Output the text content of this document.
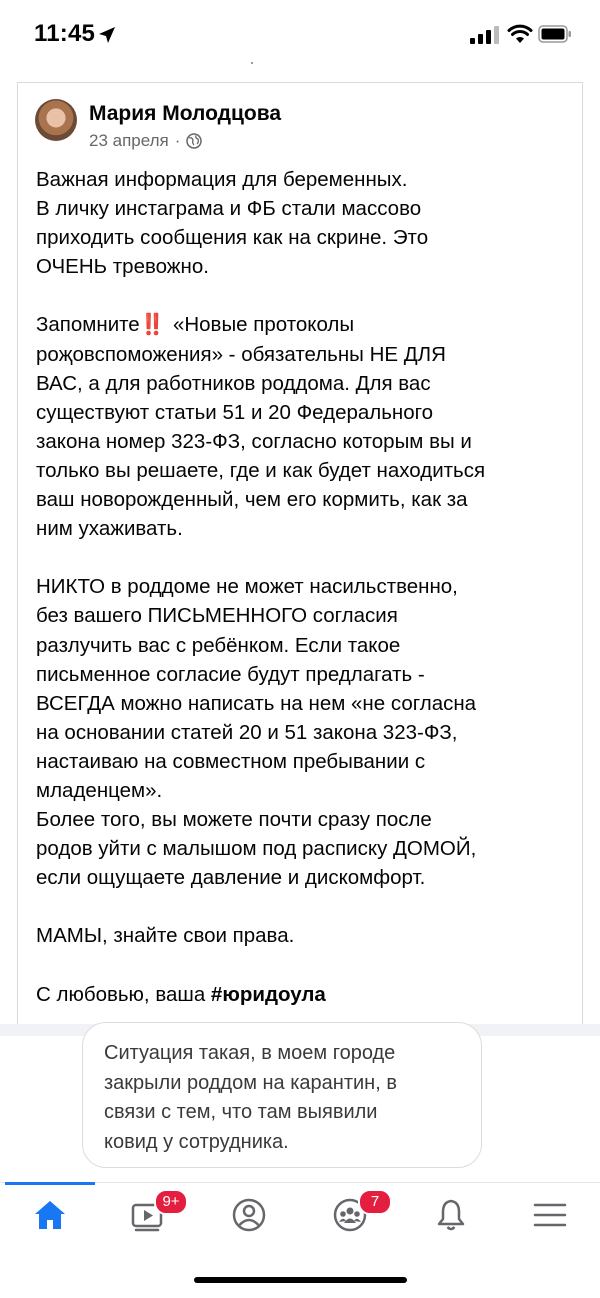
11:45
Мария Молодцова
23 апреля ·

Важная информация для беременных.

В личку инстаграма и ФБ стали массово

приходить сообщения как на скрине. Это

ОЧЕНЬ тревожно.

Запомните‼️ «Новые протоколы

роҗовспоможения» - обязательны НЕ ДЛЯ

ВАС, а для работников роддома. Для вас

существуют статьи 51 и 20 Федерального

закона номер 323-ФЗ, согласно которым вы и

только вы решаете, где и как будет находиться

ваш новорожденный, чем его кормить, как за

ним ухаживать.

НИКТО в роддоме не может насильственно,

без вашего ПИСЬМЕННОГО согласия

разлучить вас с ребёнком. Если такое

письменное согласие будут предлагать -

ВСЕГДА можно написать на нем «не согласна

на основании статей 20 и 51 закона 323-ФЗ,

настаиваю на совместном пребывании с

младенцем».

Более того, вы можете почти сразу после

родов уйти с малышом под расписку ДОМОЙ,

если ощущаете давление и дискомфорт.

МАМЫ, знайте свои права.

С любовью, ваша #юридоула

Ситуация такая, в моем городе
закрыли роддом на карантин, в
связи с тем, что там выявили
ковид у сотрудника.
9+	7
